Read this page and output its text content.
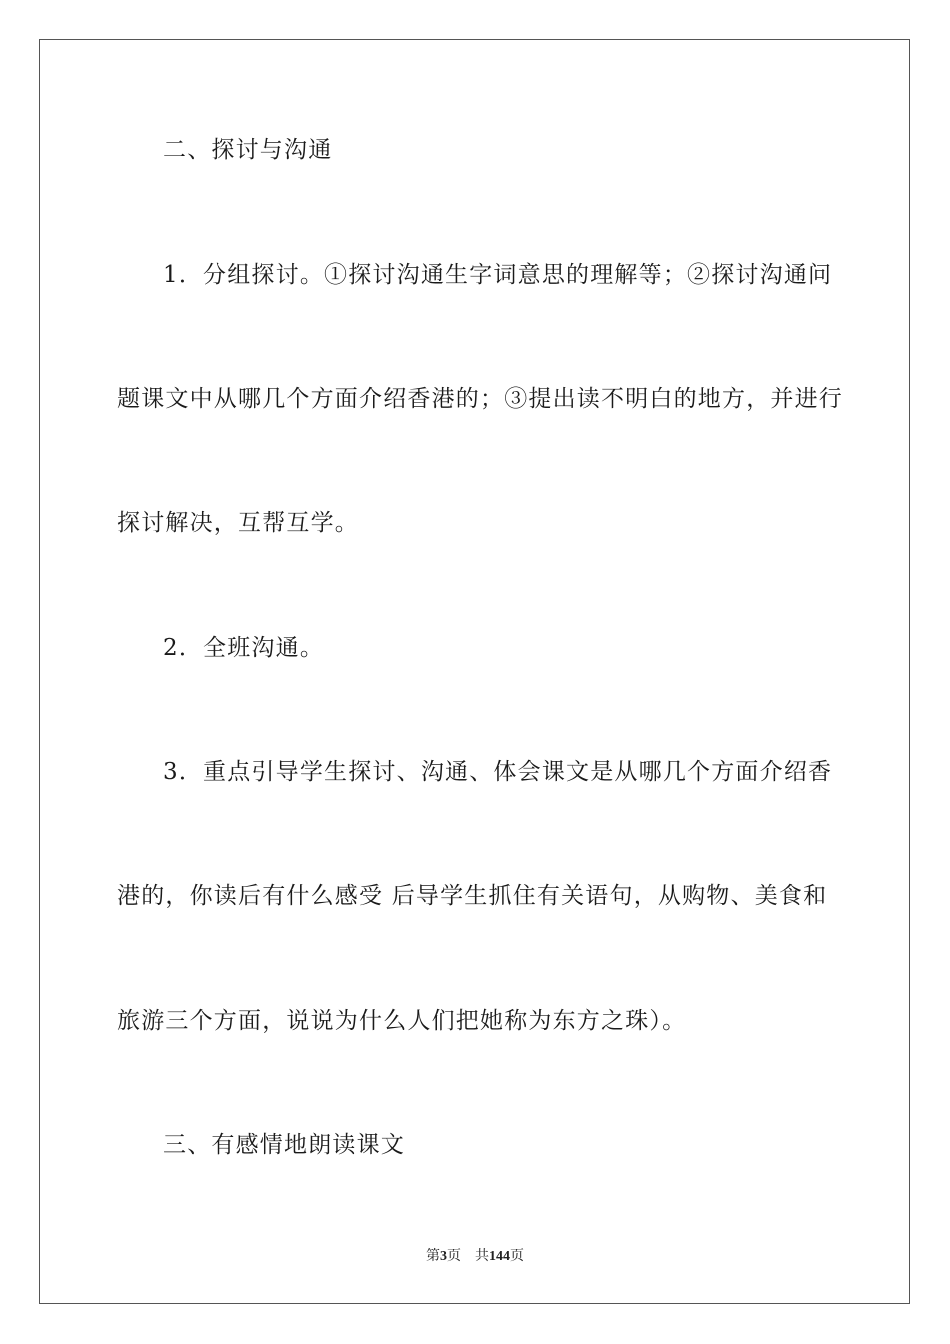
二、探讨与沟通
1．分组探讨。①探讨沟通生字词意思的理解等；②探讨沟通问
题课文中从哪几个方面介绍香港的；③提出读不明白的地方，并进行
探讨解决，互帮互学。
2．全班沟通。
3．重点引导学生探讨、沟通、体会课文是从哪几个方面介绍香
港的，你读后有什么感受 后导学生抓住有关语句，从购物、美食和
旅游三个方面，说说为什么人们把她称为东方之珠）。
三、有感情地朗读课文
第3页 共144页
